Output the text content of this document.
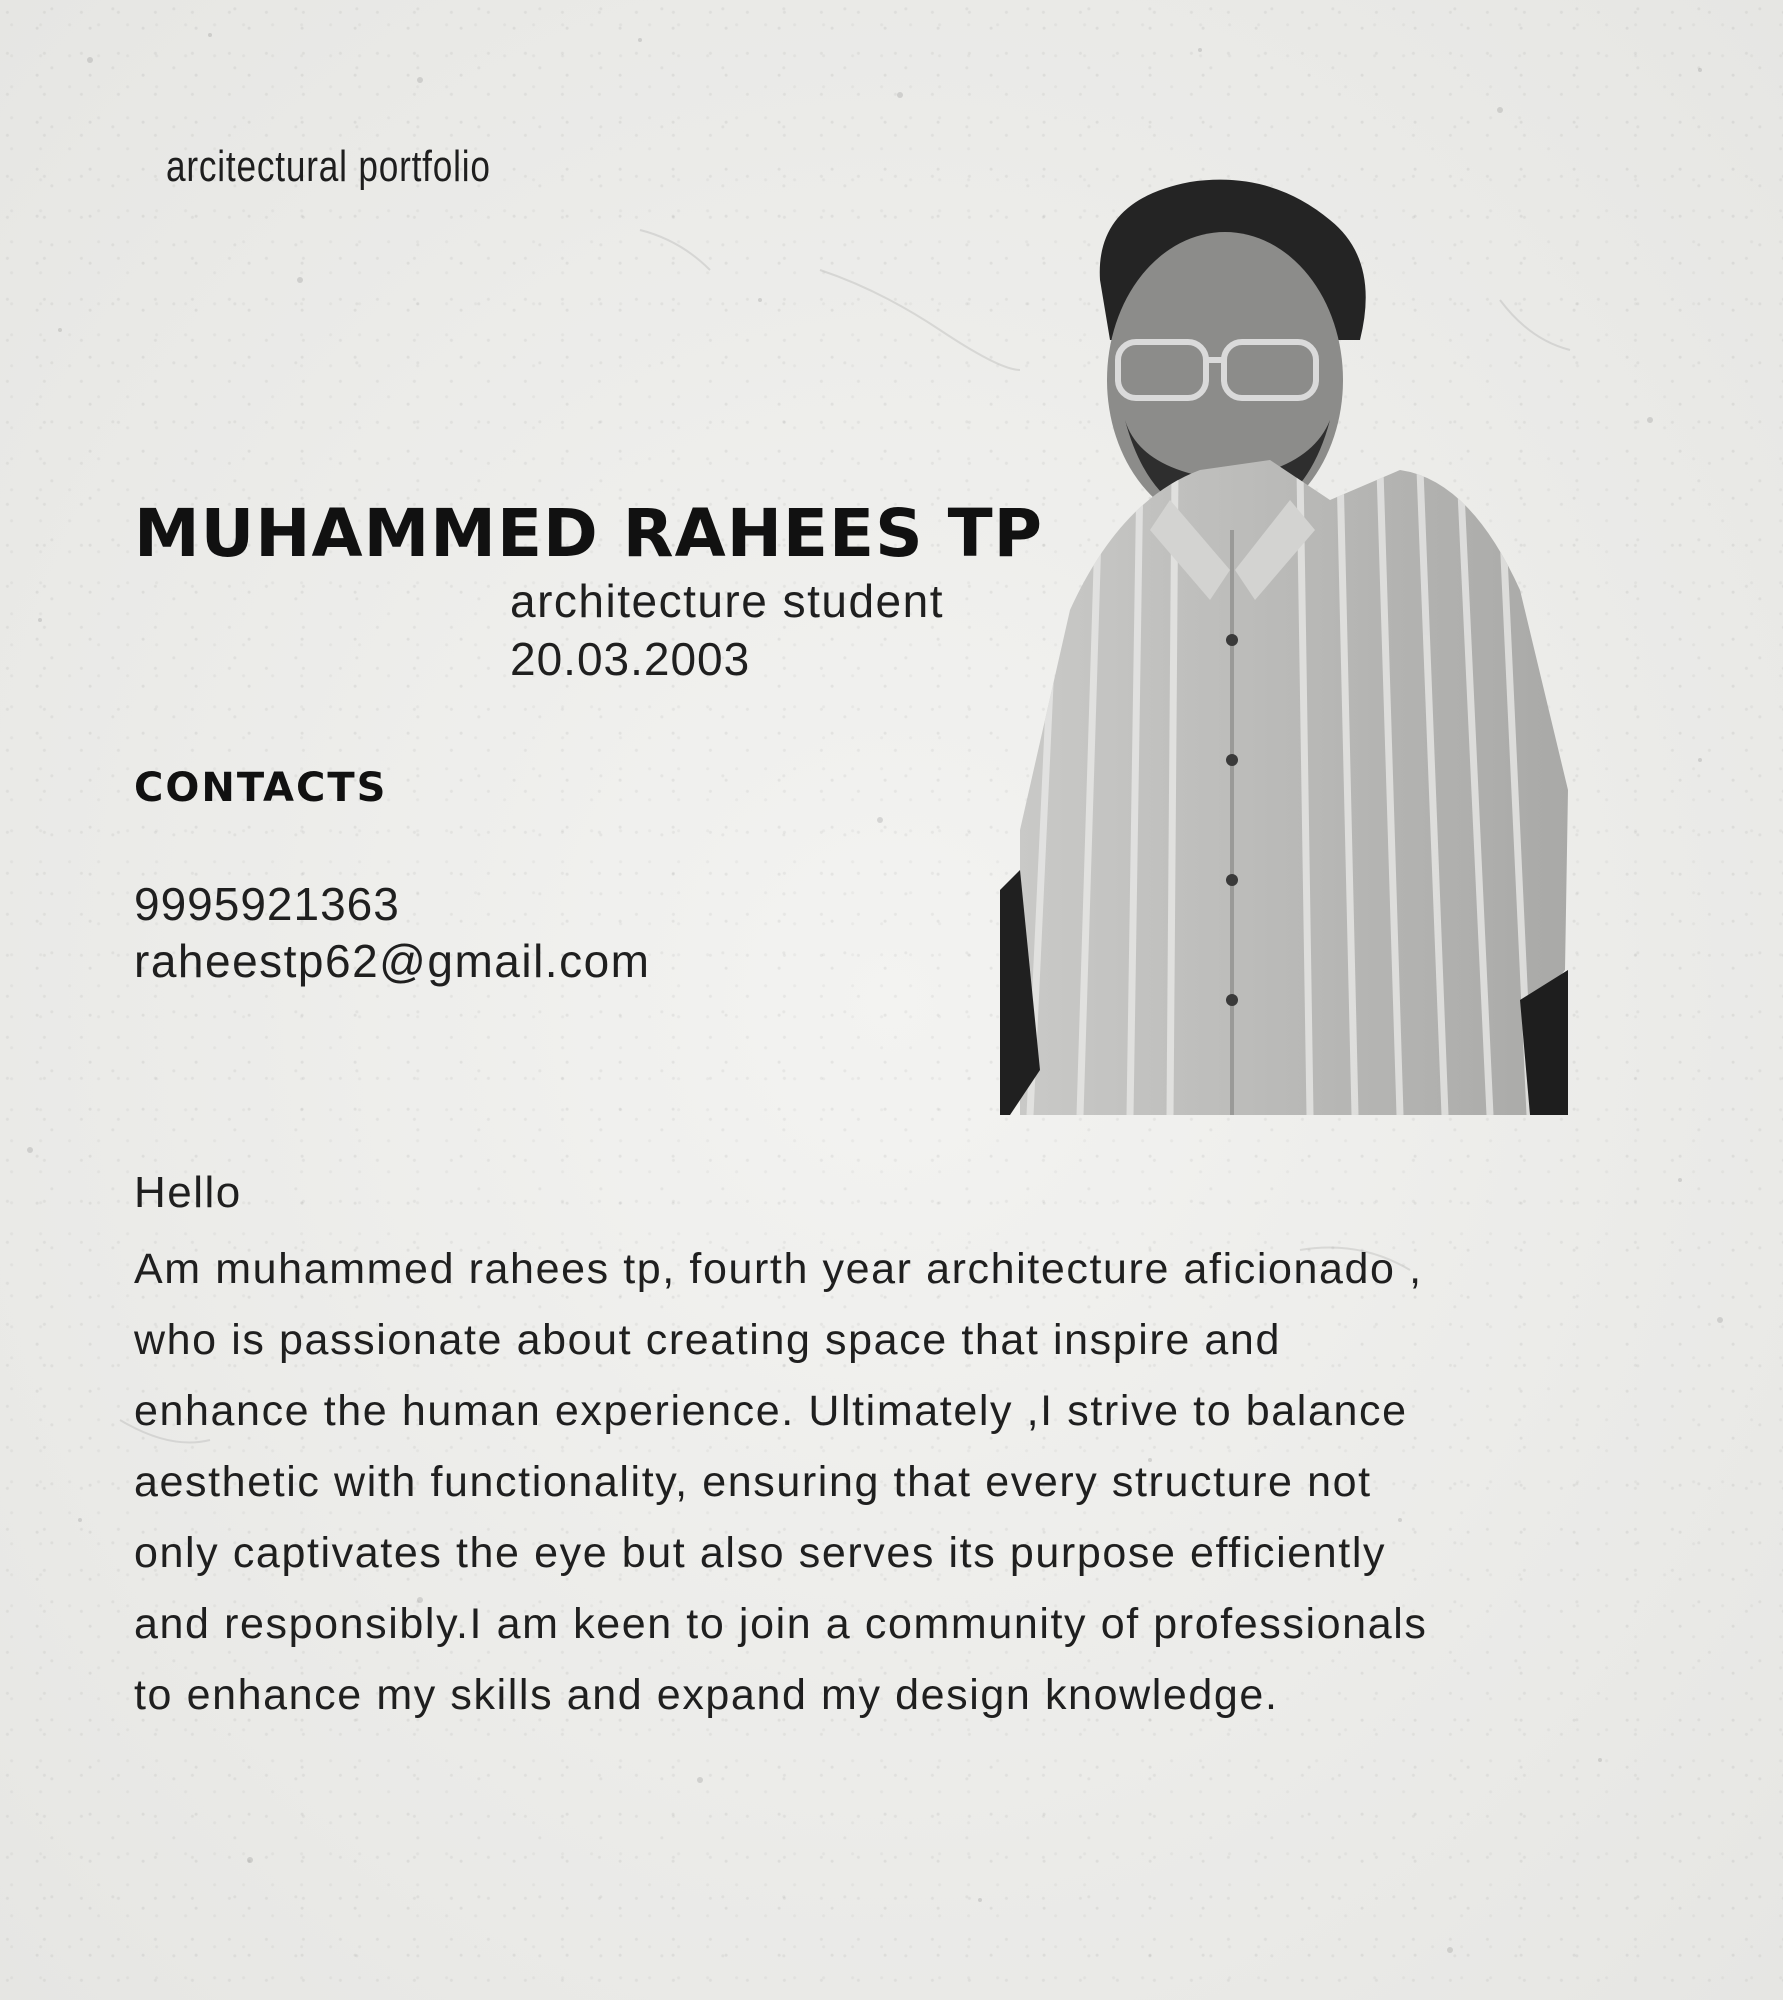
arcitectural portfolio
MUHAMMED RAHEES TP
architecture student
20.03.2003
CONTACTS
9995921363
raheestp62@gmail.com
Hello

Am muhammed rahees tp, fourth year architecture aficionado ,
who is passionate about creating space that inspire and
enhance the human experience. Ultimately ,I strive to balance
aesthetic with functionality, ensuring that every structure not
only captivates the eye but also serves its purpose efficiently
and responsibly.I am keen to join a community of professionals
to enhance my skills and expand my design knowledge.
